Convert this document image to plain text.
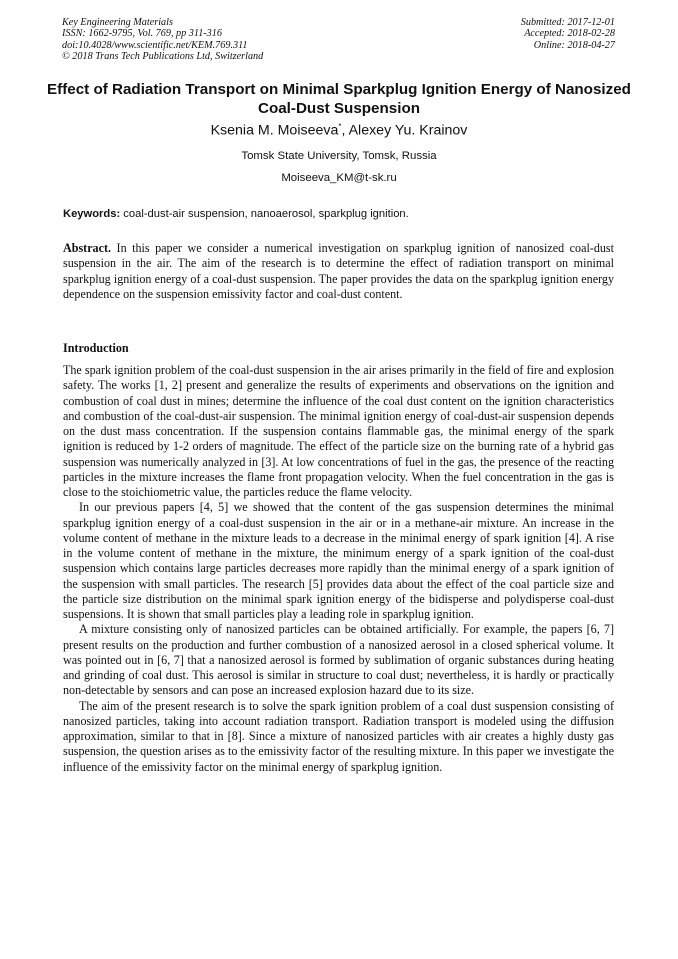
Key Engineering Materials
ISSN: 1662-9795, Vol. 769, pp 311-316
doi:10.4028/www.scientific.net/KEM.769.311
© 2018 Trans Tech Publications Ltd, Switzerland
Submitted: 2017-12-01
Accepted: 2018-02-28
Online: 2018-04-27
Effect of Radiation Transport on Minimal Sparkplug Ignition Energy of Nanosized Coal-Dust Suspension
Ksenia M. Moiseeva*, Alexey Yu. Krainov
Tomsk State University, Tomsk, Russia
Moiseeva_KM@t-sk.ru
Keywords: coal-dust-air suspension, nanoaerosol, sparkplug ignition.

Abstract. In this paper we consider a numerical investigation on sparkplug ignition of nanosized coal-dust suspension in the air. The aim of the research is to determine the effect of radiation transport on minimal sparkplug ignition energy of a coal-dust suspension. The paper provides the data on the sparkplug ignition energy dependence on the suspension emissivity factor and coal-dust content.

Introduction

The spark ignition problem of the coal-dust suspension in the air arises primarily in the field of fire and explosion safety. The works [1, 2] present and generalize the results of experiments and observations on the ignition and combustion of coal dust in mines; determine the influence of the coal dust content on the ignition characteristics and combustion of the coal-dust-air suspension. The minimal ignition energy of coal-dust-air suspension depends on the dust mass concentration. If the suspension contains flammable gas, the minimal energy of the spark ignition is reduced by 1-2 orders of magnitude. The effect of the particle size on the burning rate of a hybrid gas suspension was numerically analyzed in [3]. At low concentrations of fuel in the gas, the presence of the reacting particles in the mixture increases the flame front propagation velocity. When the fuel concentration in the gas is close to the stoichiometric value, the particles reduce the flame velocity.

In our previous papers [4, 5] we showed that the content of the gas suspension determines the minimal sparkplug ignition energy of a coal-dust suspension in the air or in a methane-air mixture. An increase in the volume content of methane in the mixture leads to a decrease in the minimal energy of spark ignition [4]. A rise in the volume content of methane in the mixture, the minimum energy of a spark ignition of the coal-dust suspension which contains large particles decreases more rapidly than the minimal energy of a spark ignition of the suspension with small particles. The research [5] provides data about the effect of the coal particle size and the particle size distribution on the minimal spark ignition energy of the bidisperse and polydisperse coal-dust suspensions. It is shown that small particles play a leading role in sparkplug ignition.

A mixture consisting only of nanosized particles can be obtained artificially. For example, the papers [6, 7] present results on the production and further combustion of a nanosized aerosol in a closed spherical volume. It was pointed out in [6, 7] that a nanosized aerosol is formed by sublimation of organic substances during heating and grinding of coal dust. This aerosol is similar in structure to coal dust; nevertheless, it is hardly or practically non-detectable by sensors and can pose an increased explosion hazard due to its size.

The aim of the present research is to solve the spark ignition problem of a coal dust suspension consisting of nanosized particles, taking into account radiation transport. Radiation transport is modeled using the diffusion approximation, similar to that in [8]. Since a mixture of nanosized particles with air creates a highly dusty gas suspension, the question arises as to the emissivity factor of the resulting mixture. In this paper we investigate the influence of the emissivity factor on the minimal energy of sparkplug ignition.
